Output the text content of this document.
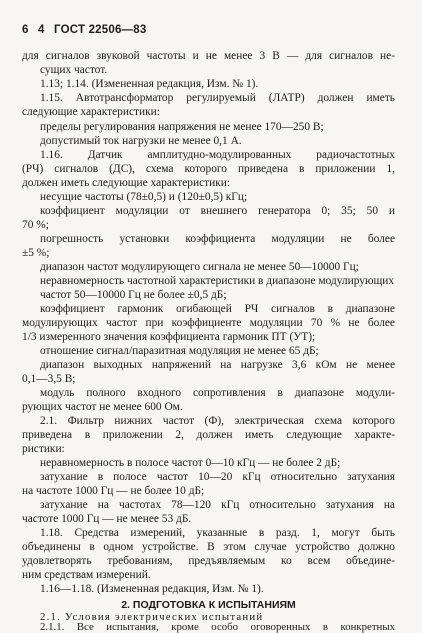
6 4 ГОСТ 22506—83
для сигналов звуковой частоты и не менее 3 В — для сигналов не-
сущих частот.
1.13; 1.14. (Измененная редакция, Изм. № 1).
1.15. Автотрансформатор регулируемый (ЛАТР) должен иметь
следующие характеристики:
пределы регулирования напряжения не менее 170—250 В;
допустимый ток нагрузки не менее 0,1 А.
1.16. Датчик амплитудно-модулированных радиочастотных
(РЧ) сигналов (ДС), схема которого приведена в приложении 1,
должен иметь следующие характеристики:
несущие частоты (78±0,5) и (120±0,5) кГц;
коэффициент модуляции от внешнего генератора 0; 35; 50 и
70 %;
погрешность установки коэффициента модуляции не более
±5 %;
диапазон частот модулирующего сигнала не менее 50—10000 Гц;
неравномерность частотной характеристики в диапазоне модулирующих частот 50—10000 Гц не более ±0,5 дБ;
коэффициент гармоник огибающей РЧ сигналов в диапазоне
модулирующих частот при коэффициенте модуляции 70 % не более
1/3 измеренного значения коэффициента гармоник ПТ (УТ);
отношение сигнал/паразитная модуляция не менее 65 дБ;
диапазон выходных напряжений на нагрузке 3,6 кОм не менее
0,1—3,5 В;
модуль полного входного сопротивления в диапазоне модули-
рующих частот не менее 600 Ом.
2.1. Фильтр нижних частот (Ф), электрическая схема которого
приведена в приложении 2, должен иметь следующие характе-
ристики:
неравномерность в полосе частот 0—10 кГц — не более 2 дБ;
затухание в полосе частот 10—20 кГц относительно затухания
на частоте 1000 Гц — не более 10 дБ;
затухание на частотах 78—120 кГц относительно затухания на
частоте 1000 Гц — не менее 53 дБ.
1.18. Средства измерений, указанные в разд. 1, могут быть
объединены в одном устройстве. В этом случае устройство должно
удовлетворять требованиям, предъявляемым ко всем объедине-
ним средствам измерений.
1.16—1.18. (Измененная редакция, Изм. № 1).
2. ПОДГОТОВКА К ИСПЫТАНИЯМ
2.1. Условия электрических испытаний
2.1.1. Все испытания, кроме особо оговоренных в конкретных
